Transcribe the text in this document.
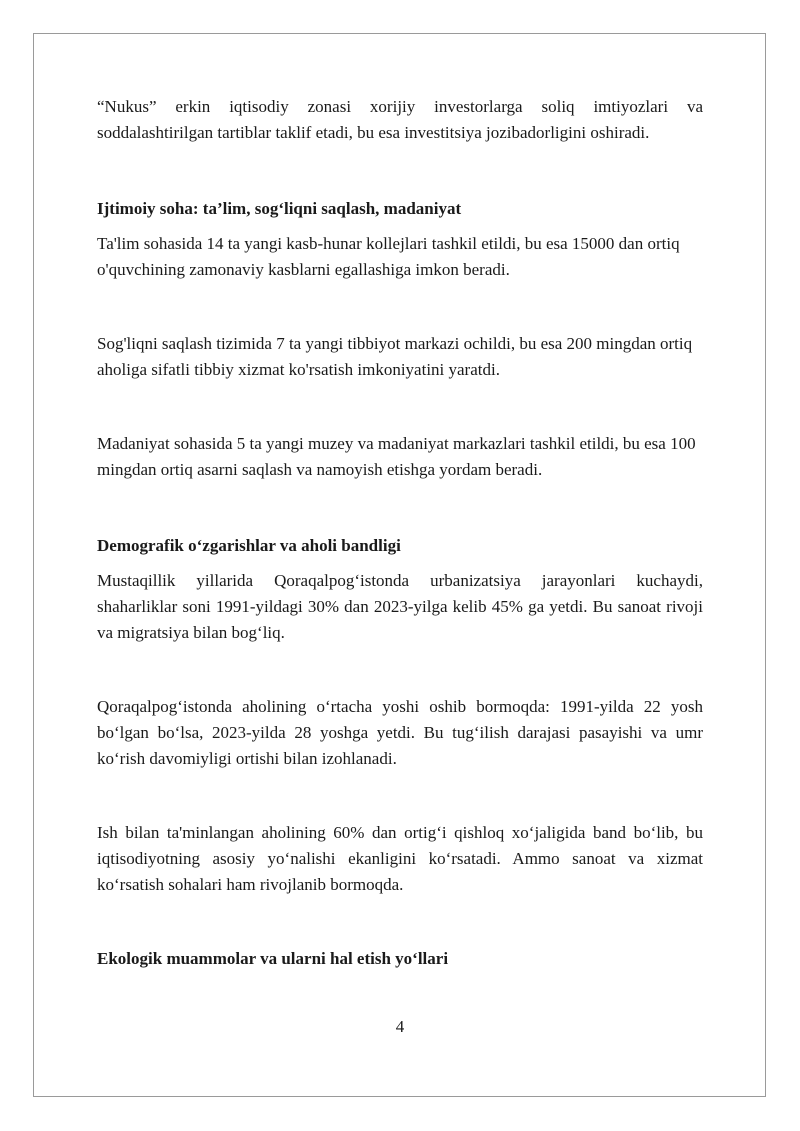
“Nukus” erkin iqtisodiy zonasi xorijiy investorlarga soliq imtiyozlari va soddalashtirilgan tartiblar taklif etadi, bu esa investitsiya jozibadorligini oshiradi.

Ijtimoiy soha: ta’lim, sog‘liqni saqlash, madaniyat

Ta'lim sohasida 14 ta yangi kasb-hunar kollejlari tashkil etildi, bu esa 15000 dan ortiq o'quvchining zamonaviy kasblarni egallashiga imkon beradi.

Sog'liqni saqlash tizimida 7 ta yangi tibbiyot markazi ochildi, bu esa 200 mingdan ortiq aholiga sifatli tibbiy xizmat ko'rsatish imkoniyatini yaratdi.

Madaniyat sohasida 5 ta yangi muzey va madaniyat markazlari tashkil etildi, bu esa 100 mingdan ortiq asarni saqlash va namoyish etishga yordam beradi.

Demografik o‘zgarishlar va aholi bandligi

Mustaqillik yillarida Qoraqalpog‘istonda urbanizatsiya jarayonlari kuchaydi, shaharliklar soni 1991-yildagi 30% dan 2023-yilga kelib 45% ga yetdi. Bu sanoat rivoji va migratsiya bilan bog‘liq.

Qoraqalpog‘istonda aholining o‘rtacha yoshi oshib bormoqda: 1991-yilda 22 yosh bo‘lgan bo‘lsa, 2023-yilda 28 yoshga yetdi. Bu tug‘ilish darajasi pasayishi va umr ko‘rish davomiyligi ortishi bilan izohlanadi.

Ish bilan ta'minlangan aholining 60% dan ortig‘i qishloq xo‘jaligida band bo‘lib, bu iqtisodiyotning asosiy yo‘nalishi ekanligini ko‘rsatadi. Ammo sanoat va xizmat ko‘rsatish sohalari ham rivojlanib bormoqda.

Ekologik muammolar va ularni hal etish yo‘llari

4
